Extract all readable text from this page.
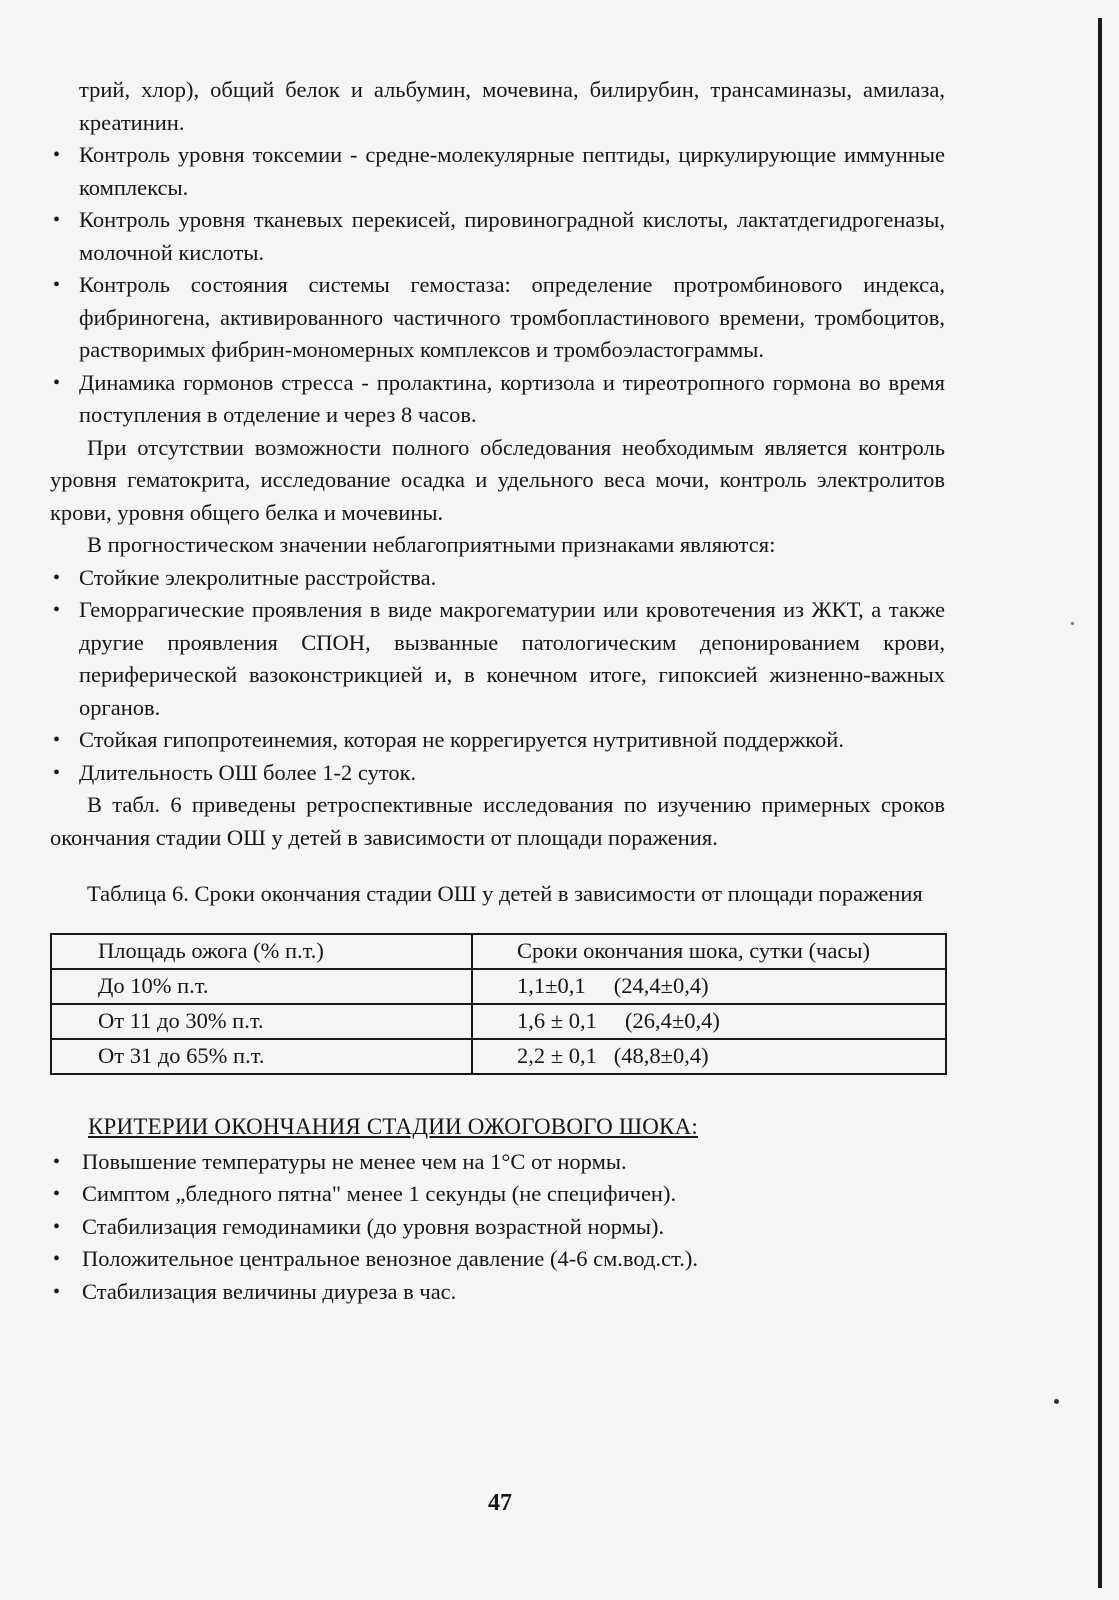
трий, хлор), общий белок и альбумин, мочевина, билирубин, трансаминазы, амилаза, креатинин.

• Контроль уровня токсемии - средне-молекулярные пептиды, циркулирующие иммунные комплексы.
• Контроль уровня тканевых перекисей, пировиноградной кислоты, лактатдегидрогеназы, молочной кислоты.
• Контроль состояния системы гемостаза: определение протромбинового индекса, фибриногена, активированного частичного тромбопластинового времени, тромбоцитов, растворимых фибрин-мономерных комплексов и тромбоэластограммы.
• Динамика гормонов стресса - пролактина, кортизола и тиреотропного гормона во время поступления в отделение и через 8 часов.

При отсутствии возможности полного обследования необходимым является контроль уровня гематокрита, исследование осадка и удельного веса мочи, контроль электролитов крови, уровня общего белка и мочевины.

В прогностическом значении неблагоприятными признаками являются:

• Стойкие элекролитные расстройства.
• Геморрагические проявления в виде макрогематурии или кровотечения из ЖКТ, а также другие проявления СПОН, вызванные патологическим депонированием крови, периферической вазоконстрикцией и, в конечном итоге, гипоксией жизненно-важных органов.
• Стойкая гипопротеинемия, которая не коррегируется нутритивной поддержкой.
• Длительность ОШ более 1-2 суток.

В табл. 6 приведены ретроспективные исследования по изучению примерных сроков окончания стадии ОШ у детей в зависимости от площади поражения.

Таблица 6. Сроки окончания стадии ОШ у детей в зависимости от площади поражения

Площадь ожога (% п.т.)	Сроки окончания шока, сутки (часы)
До 10% п.т.	1,1±0,1     (24,4±0,4)
От 11 до 30% п.т.	1,6 ± 0,1     (26,4±0,4)
От 31 до 65% п.т.	2,2 ± 0,1   (48,8±0,4)
КРИТЕРИИ ОКОНЧАНИЯ СТАДИИ ОЖОГОВОГО ШОКА:
• Повышение температуры не менее чем на 1°С от нормы.
• Симптом „бледного пятна" менее 1 секунды (не специфичен).
• Стабилизация гемодинамики (до уровня возрастной нормы).
• Положительное центральное венозное давление (4-6 см.вод.ст.).
• Стабилизация величины диуреза в час.
47
